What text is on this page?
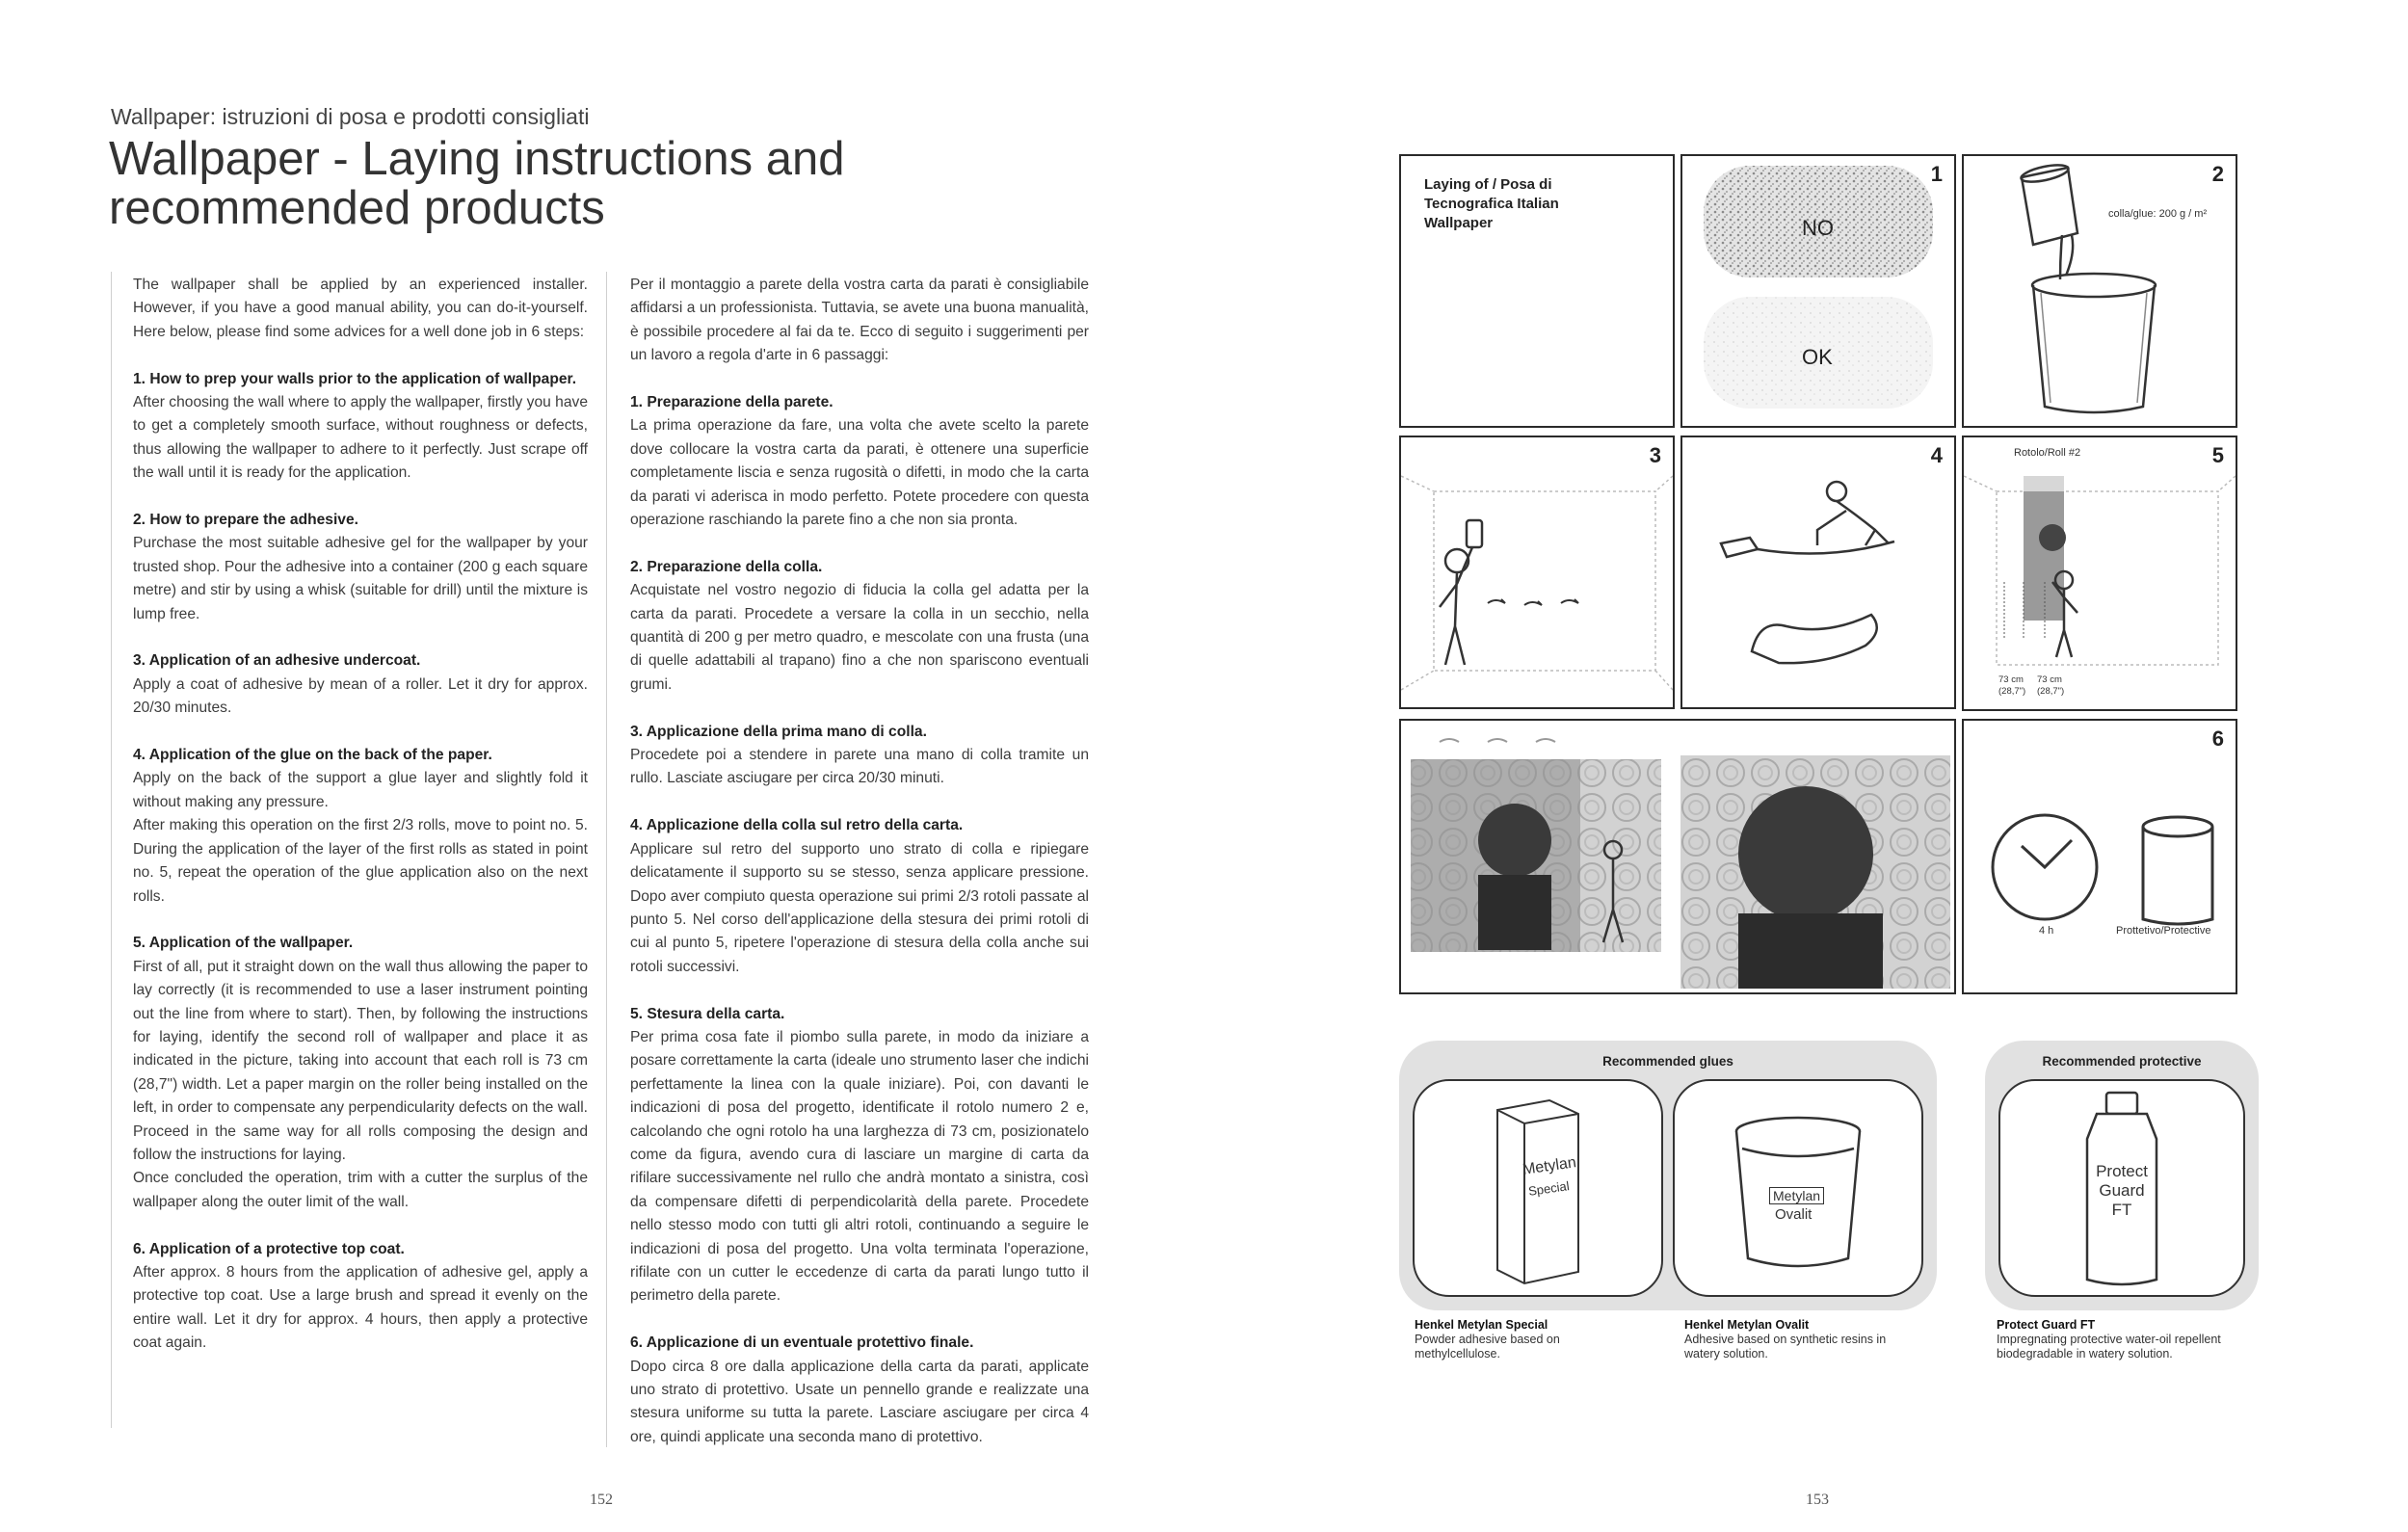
Wallpaper: istruzioni di posa e prodotti consigliati
Wallpaper - Laying instructions and recommended products

The wallpaper shall be applied by an experienced installer. However, if you have a good manual ability, you can do-it-yourself. Here below, please find some advices for a well done job in 6 steps:

1. How to prep your walls prior to the application of wallpaper.

After choosing the wall where to apply the wallpaper, firstly you have to get a completely smooth surface, without roughness or defects, thus allowing the wallpaper to adhere to it perfectly. Just scrape off the wall until it is ready for the application.

2. How to prepare the adhesive.

Purchase the most suitable adhesive gel for the wallpaper by your trusted shop. Pour the adhesive into a container (200 g each square metre) and stir by using a whisk (suitable for drill) until the mixture is lump free.

3. Application of an adhesive undercoat.

Apply a coat of adhesive by mean of a roller. Let it dry for approx. 20/30 minutes.

4. Application of the glue on the back of the paper.
Apply on the back of the support a glue layer and slightly fold it without making any pressure.

After making this operation on the first 2/3 rolls, move to point no. 5. During the application of the layer of the first rolls as stated in point no. 5, repeat the operation of the glue application also on the next rolls.

5. Application of the wallpaper.
First of all, put it straight down on the wall thus allowing the paper to lay correctly (it is recommended to use a laser instrument pointing out the line from where to start). Then, by following the instructions for laying, identify the second roll of wallpaper and place it as indicated in the picture, taking into account that each roll is 73 cm (28,7") width. Let a paper margin on the roller being installed on the left, in order to compensate any perpendicularity defects on the wall. Proceed in the same way for all rolls composing the design and follow the instructions for laying.

Once concluded the operation, trim with a cutter the surplus of the wallpaper along the outer limit of the wall.

6. Application of a protective top coat.

After approx. 8 hours from the application of adhesive gel, apply a protective top coat. Use a large brush and spread it evenly on the entire wall. Let it dry for approx. 4 hours, then apply a protective coat again.

Per il montaggio a parete della vostra carta da parati è consigliabile affidarsi a un professionista. Tuttavia, se avete una buona manualità, è possibile procedere al fai da te. Ecco di seguito i suggerimenti per un lavoro a regola d'arte in 6 passaggi:

1. Preparazione della parete.

La prima operazione da fare, una volta che avete scelto la parete dove collocare la vostra carta da parati, è ottenere una superficie completamente liscia e senza rugosità o difetti, in modo che la carta da parati vi aderisca in modo perfetto. Potete procedere con questa operazione raschiando la parete fino a che non sia pronta.

2. Preparazione della colla.

Acquistate nel vostro negozio di fiducia la colla gel adatta per la carta da parati. Procedete a versare la colla in un secchio, nella quantità di 200 g per metro quadro, e mescolate con una frusta (una di quelle adattabili al trapano) fino a che non spariscono eventuali grumi.

3. Applicazione della prima mano di colla.

Procedete poi a stendere in parete una mano di colla tramite un rullo. Lasciate asciugare per circa 20/30 minuti.

4. Applicazione della colla sul retro della carta.

Applicare sul retro del supporto uno strato di colla e ripiegare delicatamente il supporto su se stesso, senza applicare pressione. Dopo aver compiuto questa operazione sui primi 2/3 rotoli passate al punto 5. Nel corso dell'applicazione della stesura dei primi rotoli di cui al punto 5, ripetere l'operazione di stesura della colla anche sui rotoli successivi.

5. Stesura della carta.

Per prima cosa fate il piombo sulla parete, in modo da iniziare a posare correttamente la carta (ideale uno strumento laser che indichi perfettamente la linea con la quale iniziare). Poi, con davanti le indicazioni di posa del progetto, identificate il rotolo numero 2 e, calcolando che ogni rotolo ha una larghezza di 73 cm, posizionatelo come da figura, avendo cura di lasciare un margine di carta da rifilare successivamente nel rullo che andrà montato a sinistra, così da compensare difetti di perpendicolarità della parete. Procedete nello stesso modo con tutti gli altri rotoli, continuando a seguire le indicazioni di posa del progetto. Una volta terminata l'operazione, rifilate con un cutter le eccedenze di carta da parati lungo tutto il perimetro della parete.

6. Applicazione di un eventuale protettivo finale.

Dopo circa 8 ore dalla applicazione della carta da parati, applicate uno strato di protettivo. Usate un pennello grande e realizzate una stesura uniforme su tutta la parete. Lasciare asciugare per circa 4 ore, quindi applicate una seconda mano di protettivo.

152
Laying of / Posa di Tecnografica Italian Wallpaper
1
NO
OK
2
colla/glue: 200 g / m²
3	4	5
Rotolo/Roll #2
73 cm
(28,7")
73 cm
(28,7")
6
4 h	Prottetivo/Protective
Recommended glues
Metylan
Special	Metylan
Ovalit
Recommended protective
Protect
Guard
FT
Henkel Metylan Special
Powder adhesive based on methylcellulose.
Henkel Metylan Ovalit
Adhesive based on synthetic resins in watery solution.
Protect Guard FT
Impregnating protective water-oil repellent biodegradable in watery solution.
153
